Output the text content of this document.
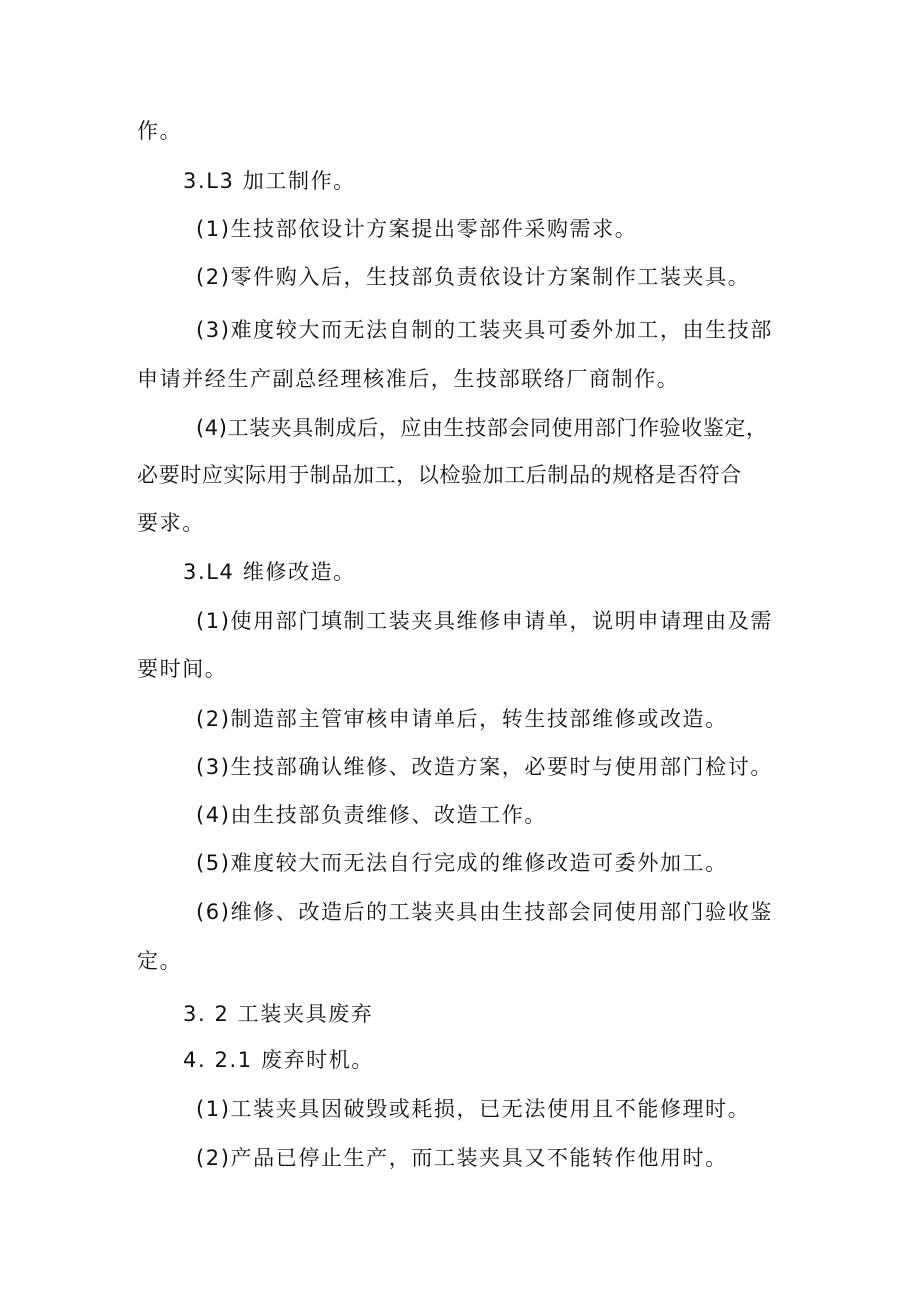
作。
3.L3 加工制作。
(1)生技部依设计方案提出零部件采购需求。
(2)零件购入后，生技部负责依设计方案制作工装夹具。
(3)难度较大而无法自制的工装夹具可委外加工，由生技部
申请并经生产副总经理核准后，生技部联络厂商制作。
(4)工装夹具制成后，应由生技部会同使用部门作验收鉴定，
必要时应实际用于制品加工，以检验加工后制品的规格是否符合
要求。
3.L4 维修改造。
(1)使用部门填制工装夹具维修申请单，说明申请理由及需
要时间。
(2)制造部主管审核申请单后，转生技部维修或改造。
(3)生技部确认维修、改造方案，必要时与使用部门检讨。
(4)由生技部负责维修、改造工作。
(5)难度较大而无法自行完成的维修改造可委外加工。
(6)维修、改造后的工装夹具由生技部会同使用部门验收鉴
定。
3. 2 工装夹具废弃
4. 2.1 废弃时机。
(1)工装夹具因破毁或耗损，已无法使用且不能修理时。
(2)产品已停止生产，而工装夹具又不能转作他用时。
